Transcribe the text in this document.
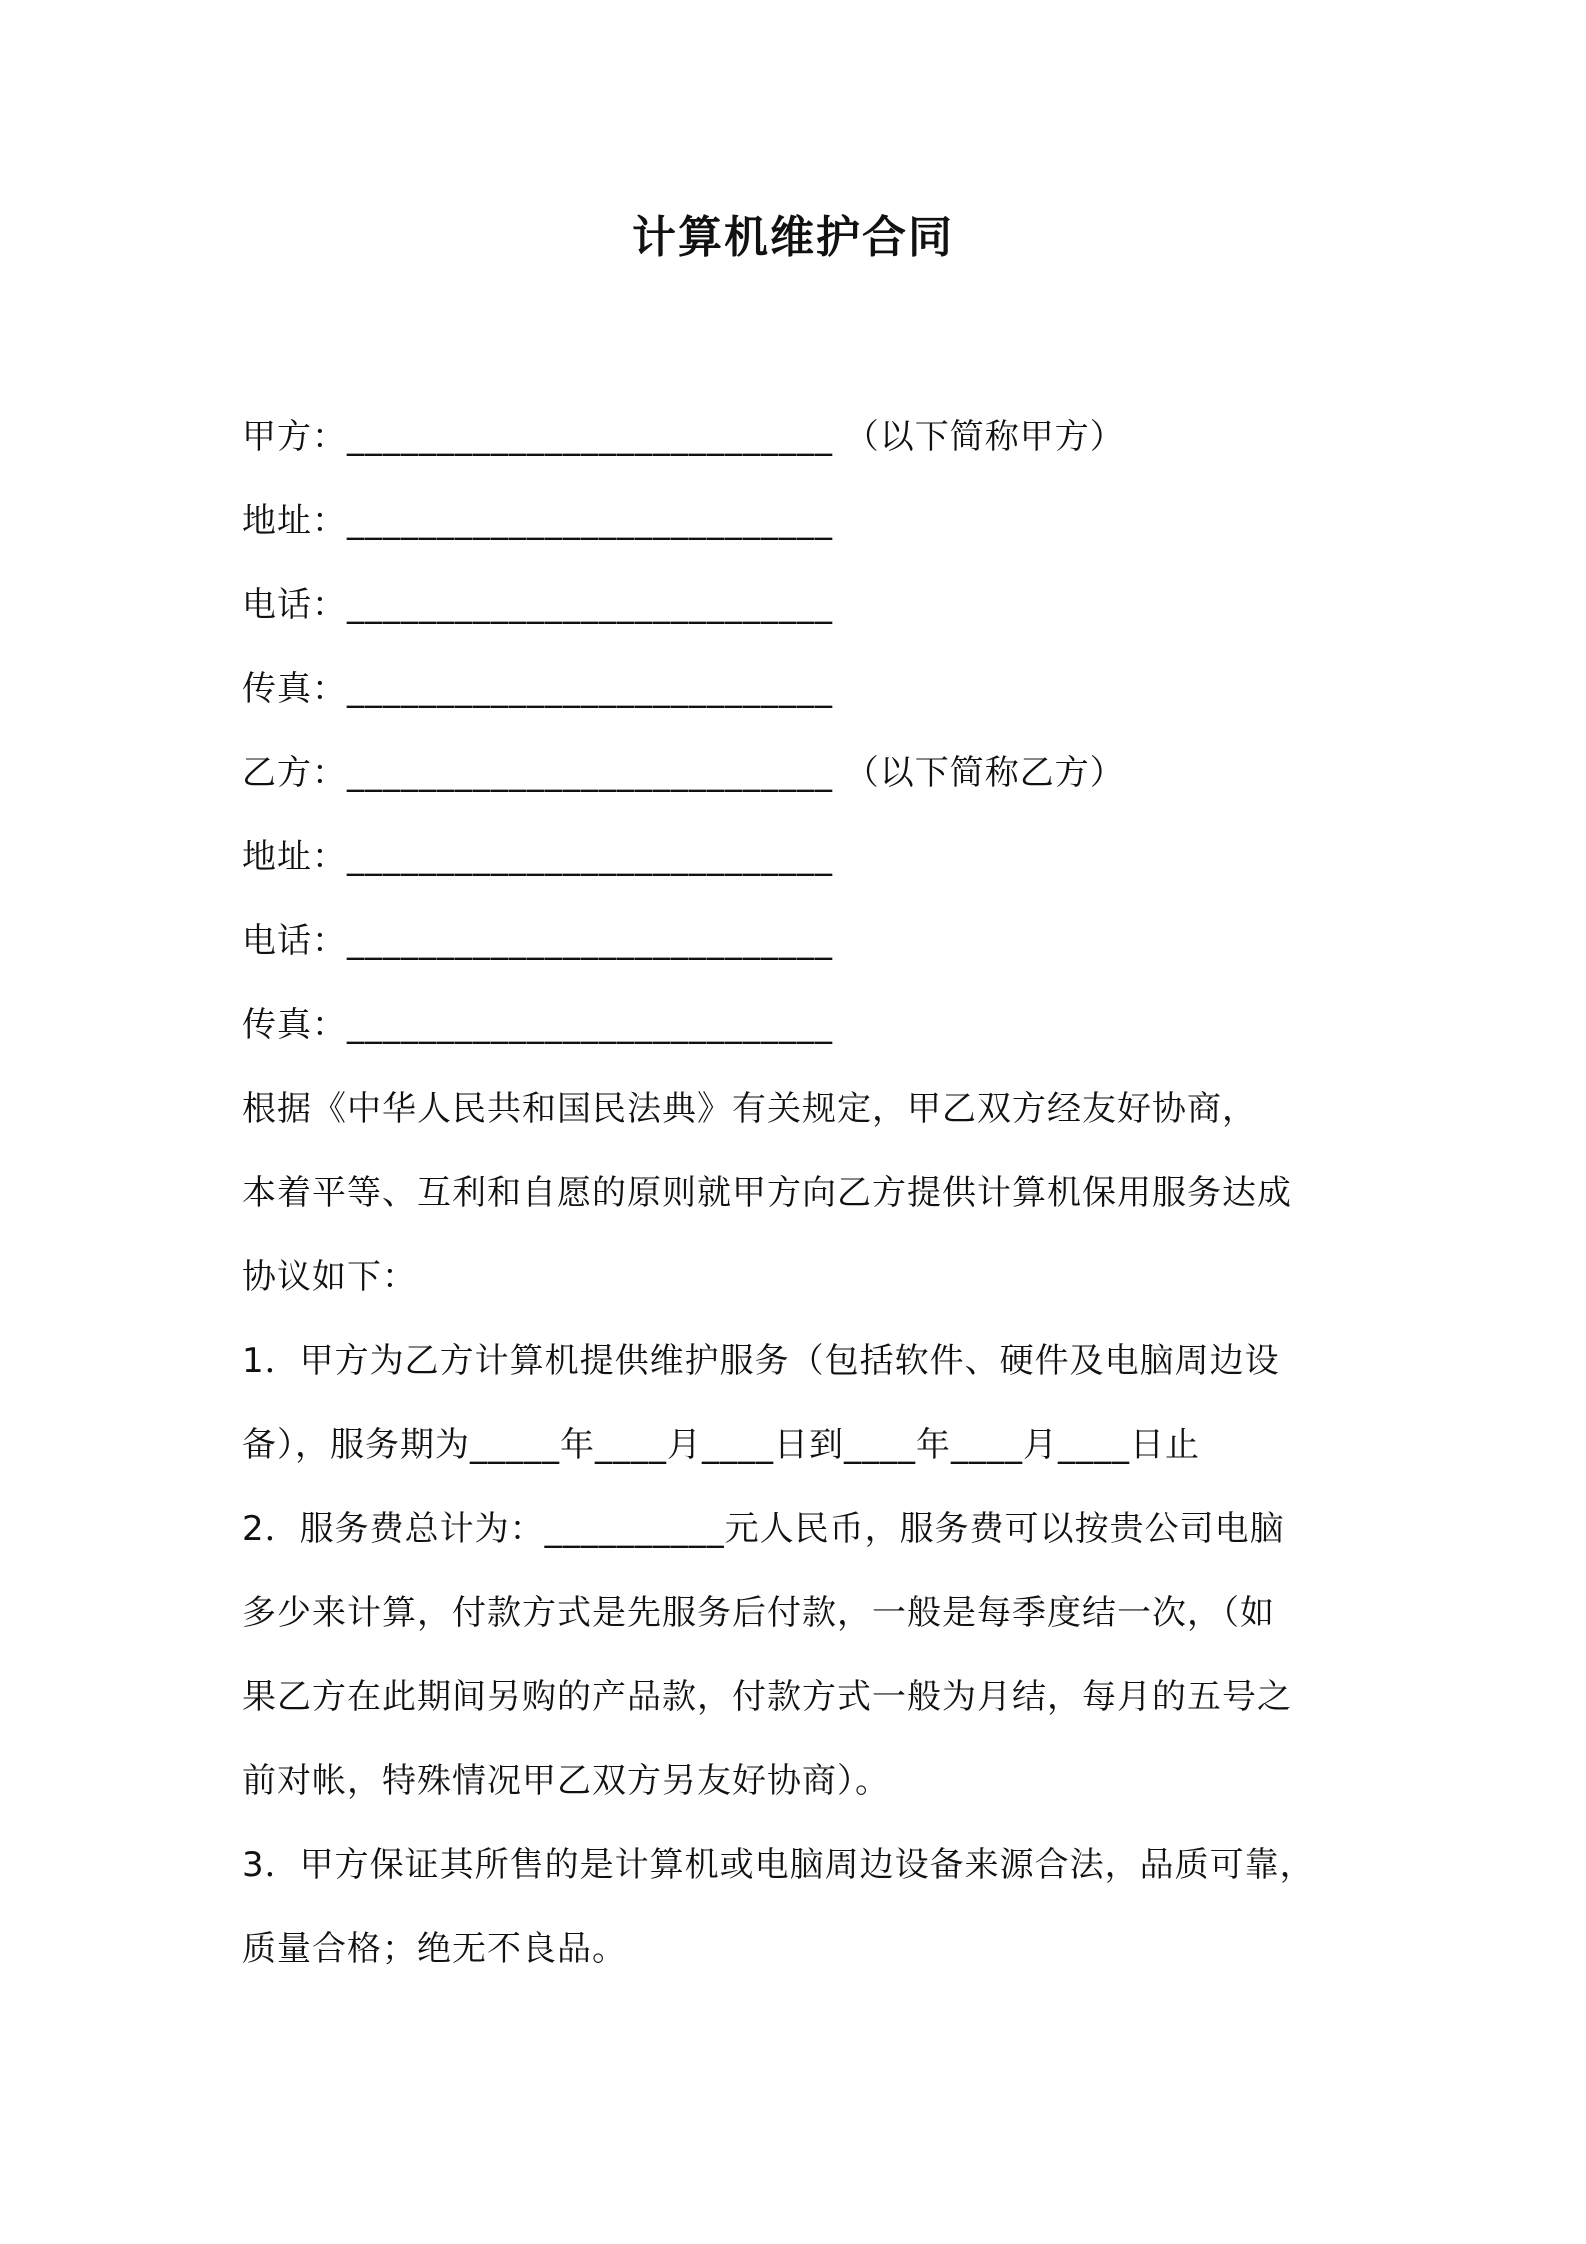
计算机维护合同
甲方：___________________________ （以下简称甲方）
地址：___________________________
电话：___________________________
传真：___________________________
乙方：___________________________ （以下简称乙方）
地址：___________________________
电话：___________________________
传真：___________________________
根据《中华人民共和国民法典》有关规定，甲乙双方经友好协商，
本着平等、互利和自愿的原则就甲方向乙方提供计算机保用服务达成
协议如下：
1．甲方为乙方计算机提供维护服务（包括软件、硬件及电脑周边设
备），服务期为_____年____月____日到____年____月____日止
2．服务费总计为：__________元人民币，服务费可以按贵公司电脑
多少来计算，付款方式是先服务后付款，一般是每季度结一次，（如
果乙方在此期间另购的产品款，付款方式一般为月结，每月的五号之
前对帐，特殊情况甲乙双方另友好协商）。
3．甲方保证其所售的是计算机或电脑周边设备来源合法，品质可靠，
质量合格；绝无不良品。
